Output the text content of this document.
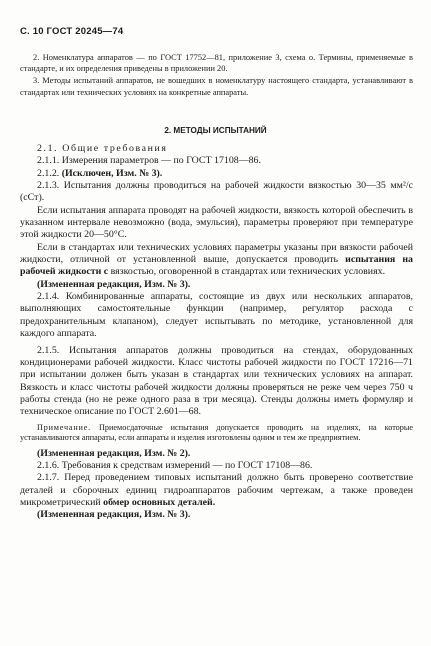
С. 10 ГОСТ 20245—74

2. Номенклатура аппаратов — по ГОСТ 17752—81, приложение 3, схема о. Термины, применяемые в стандарте, и их определения приведены в приложении 20.

3. Методы испытаний аппаратов, не вошедших в номенклатуру настоящего стандарта, устанавливают в стандартах или технических условиях на конкретные аппараты.

2. МЕТОДЫ ИСПЫТАНИЙ

2.1. Общие требования

2.1.1. Измерения параметров — по ГОСТ 17108—86.

2.1.2. (Исключен, Изм. № 3).

2.1.3. Испытания должны проводиться на рабочей жидкости вязкостью 30—35 мм²/с (сСт).

Если испытания аппарата проводят на рабочей жидкости, вязкость которой обеспечить в указанном интервале невозможно (вода, эмульсия), параметры проверяют при температуре этой жидкости 20—50°С.

Если в стандартах или технических условиях параметры указаны при вязкости рабочей жидкости, отличной от установленной выше, допускается проводить испытания на рабочей жидкости с вязкостью, оговоренной в стандартах или технических условиях.

(Измененная редакция, Изм. № 3).

2.1.4. Комбинированные аппараты, состоящие из двух или нескольких аппаратов, выполняющих самостоятельные функции (например, регулятор расхода с предохранительным клапаном), следует испытывать по методике, установленной для каждого аппарата.

2.1.5. Испытания аппаратов должны проводиться на стендах, оборудованных кондиционерами рабочей жидкости. Класс чистоты рабочей жидкости по ГОСТ 17216—71 при испытании должен быть указан в стандартах или технических условиях на аппарат. Вязкость и класс чистоты рабочей жидкости должны проверяться не реже чем через 750 ч работы стенда (но не реже одного раза в три месяца). Стенды должны иметь формуляр и техническое описание по ГОСТ 2.601—68.

Примечание. Приемосдаточные испытания допускается проводить на изделиях, на которые устанавливаются аппараты, если аппараты и изделия изготовлены одним и тем же предприятием.

(Измененная редакция, Изм. № 2).

2.1.6. Требования к средствам измерений — по ГОСТ 17108—86.

2.1.7. Перед проведением типовых испытаний должно быть проверено соответствие деталей и сборочных единиц гидроаппаратов рабочим чертежам, а также проведен микрометрический обмер основных деталей.

(Измененная редакция, Изм. № 3).
